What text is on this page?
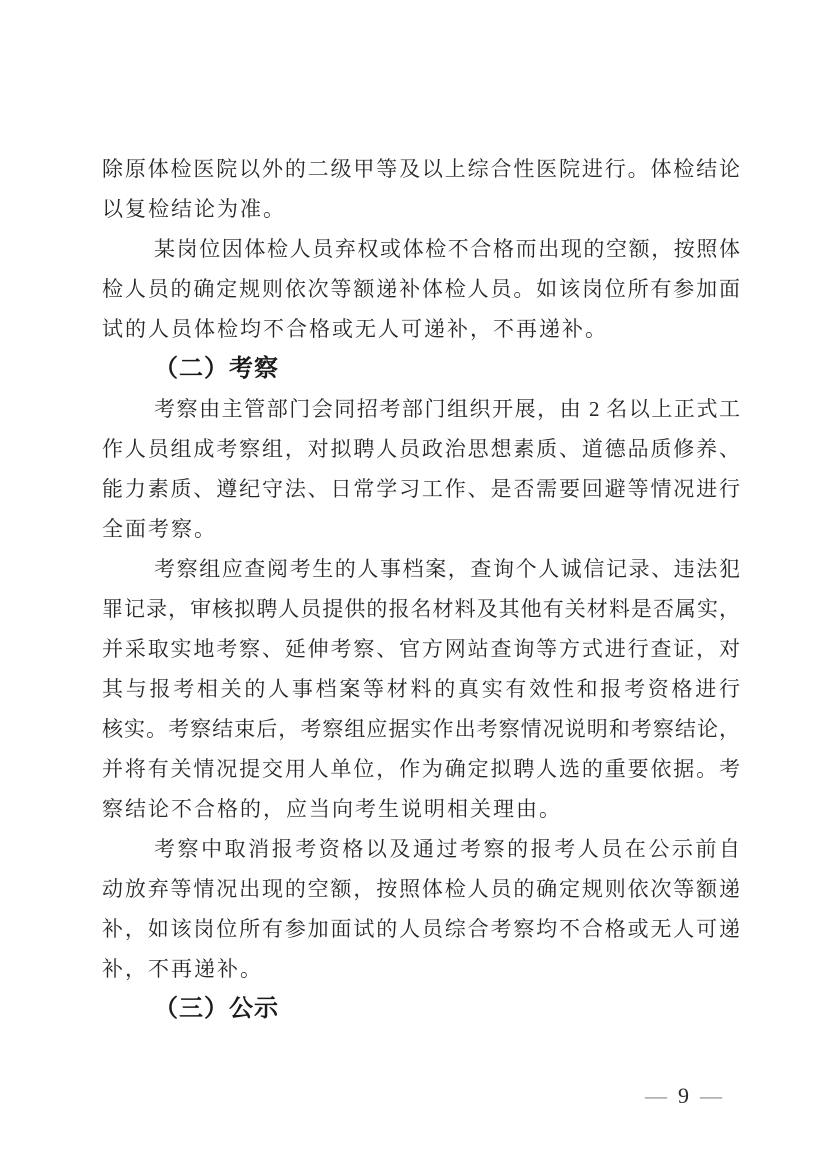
除原体检医院以外的二级甲等及以上综合性医院进行。体检结论
以复检结论为准。
某岗位因体检人员弃权或体检不合格而出现的空额，按照体
检人员的确定规则依次等额递补体检人员。如该岗位所有参加面
试的人员体检均不合格或无人可递补，不再递补。
（二）考察
考察由主管部门会同招考部门组织开展，由 2 名以上正式工
作人员组成考察组，对拟聘人员政治思想素质、道德品质修养、
能力素质、遵纪守法、日常学习工作、是否需要回避等情况进行
全面考察。
考察组应查阅考生的人事档案，查询个人诚信记录、违法犯
罪记录，审核拟聘人员提供的报名材料及其他有关材料是否属实，
并采取实地考察、延伸考察、官方网站查询等方式进行查证，对
其与报考相关的人事档案等材料的真实有效性和报考资格进行
核实。考察结束后，考察组应据实作出考察情况说明和考察结论，
并将有关情况提交用人单位，作为确定拟聘人选的重要依据。考
察结论不合格的，应当向考生说明相关理由。
考察中取消报考资格以及通过考察的报考人员在公示前自
动放弃等情况出现的空额，按照体检人员的确定规则依次等额递
补，如该岗位所有参加面试的人员综合考察均不合格或无人可递
补，不再递补。
（三）公示
— 9 —
